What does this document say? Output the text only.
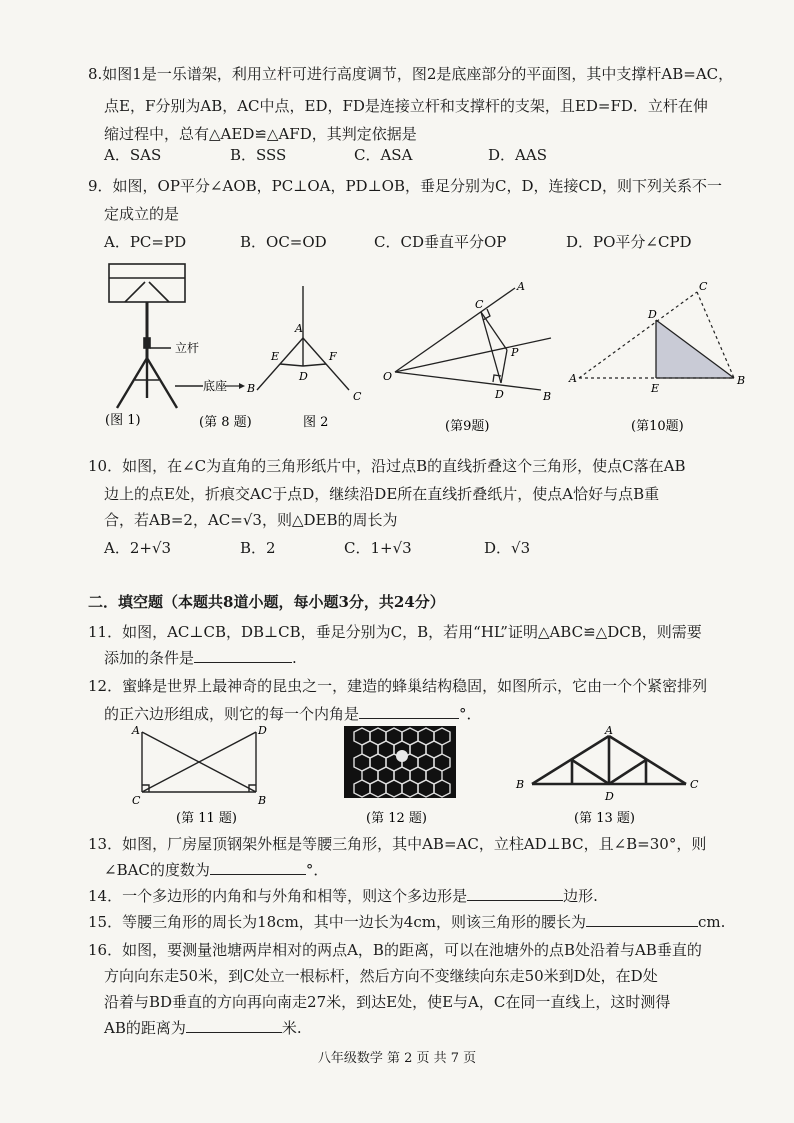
8.如图1是一乐谱架，利用立杆可进行高度调节，图2是底座部分的平面图，其中支撑杆AB=AC，
点E，F分别为AB，AC中点，ED，FD是连接立杆和支撑杆的支架，且ED=FD．立杆在伸
缩过程中，总有△AED≌△AFD，其判定依据是
A．SAS	B．SSS	C．ASA	D．AAS
9．如图，OP平分∠AOB，PC⊥OA，PD⊥OB，垂足分别为C，D，连接CD，则下列关系不一
定成立的是
A．PC=PD	B．OC=OD	C．CD垂直平分OP	D．PO平分∠CPD
立杆
底座
(图 1)
A
E	F
D
B
C
(第 8 题)	图 2
O
A
C
P
D	B
(第9题)
A
C
D
E
B
(第10题)
10．如图，在∠C为直角的三角形纸片中，沿过点B的直线折叠这个三角形，使点C落在AB
边上的点E处，折痕交AC于点D，继续沿DE所在直线折叠纸片，使点A恰好与点B重
合，若AB=2，AC=√3，则△DEB的周长为
A．2+√3	B．2	C．1+√3	D．√3
二．填空题（本题共8道小题，每小题3分，共24分）
11．如图，AC⊥CB，DB⊥CB，垂足分别为C，B，若用“HL”证明△ABC≌△DCB，则需要
添加的条件是	.
12．蜜蜂是世界上最神奇的昆虫之一，建造的蜂巢结构稳固，如图所示，它由一个个紧密排列
的正六边形组成，则它的每一个内角是	°．
A	D
C	B
(第 11 题)	(第 12 题)
A
B	C
D
(第 13 题)
13．如图，厂房屋顶钢架外框是等腰三角形，其中AB=AC，立柱AD⊥BC，且∠B=30°，则
∠BAC的度数为	°．
14．一个多边形的内角和与外角和相等，则这个多边形是	边形.
15．等腰三角形的周长为18cm，其中一边长为4cm，则该三角形的腰长为	cm.
16．如图，要测量池塘两岸相对的两点A，B的距离，可以在池塘外的点B处沿着与AB垂直的
方向向东走50米，到C处立一根标杆，然后方向不变继续向东走50米到D处，在D处
沿着与BD垂直的方向再向南走27米，到达E处，使E与A，C在同一直线上，这时测得
AB的距离为	米.
八年级数学 第 2 页 共 7 页
